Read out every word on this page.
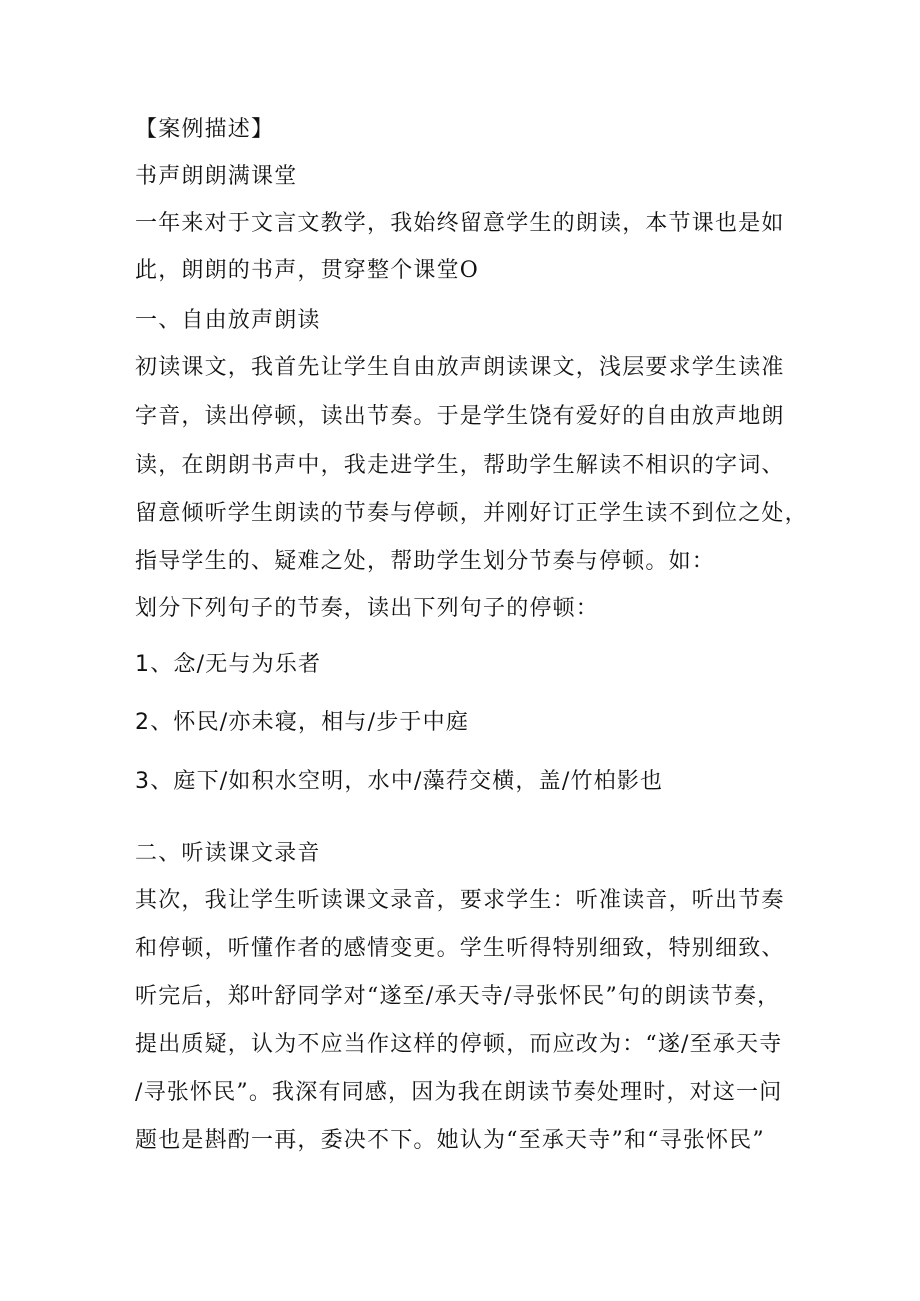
【案例描述】
书声朗朗满课堂
一年来对于文言文教学，我始终留意学生的朗读，本节课也是如
此，朗朗的书声，贯穿整个课堂O
一、自由放声朗读
初读课文，我首先让学生自由放声朗读课文，浅层要求学生读准
字音，读出停顿，读出节奏。于是学生饶有爱好的自由放声地朗
读，在朗朗书声中，我走进学生，帮助学生解读不相识的字词、
留意倾听学生朗读的节奏与停顿，并刚好订正学生读不到位之处，
指导学生的、疑难之处，帮助学生划分节奏与停顿。如：
划分下列句子的节奏，读出下列句子的停顿：
1、念/无与为乐者
2、怀民/亦未寝，相与/步于中庭
3、庭下/如积水空明，水中/藻荇交横，盖/竹柏影也
二、听读课文录音
其次，我让学生听读课文录音，要求学生：听准读音，听出节奏
和停顿，听懂作者的感情变更。学生听得特别细致，特别细致、
听完后，郑叶舒同学对“遂至/承天寺/寻张怀民”句的朗读节奏，
提出质疑，认为不应当作这样的停顿，而应改为：“遂/至承天寺
/寻张怀民”。我深有同感，因为我在朗读节奏处理时，对这一问
题也是斟酌一再，委决不下。她认为“至承天寺”和“寻张怀民”
